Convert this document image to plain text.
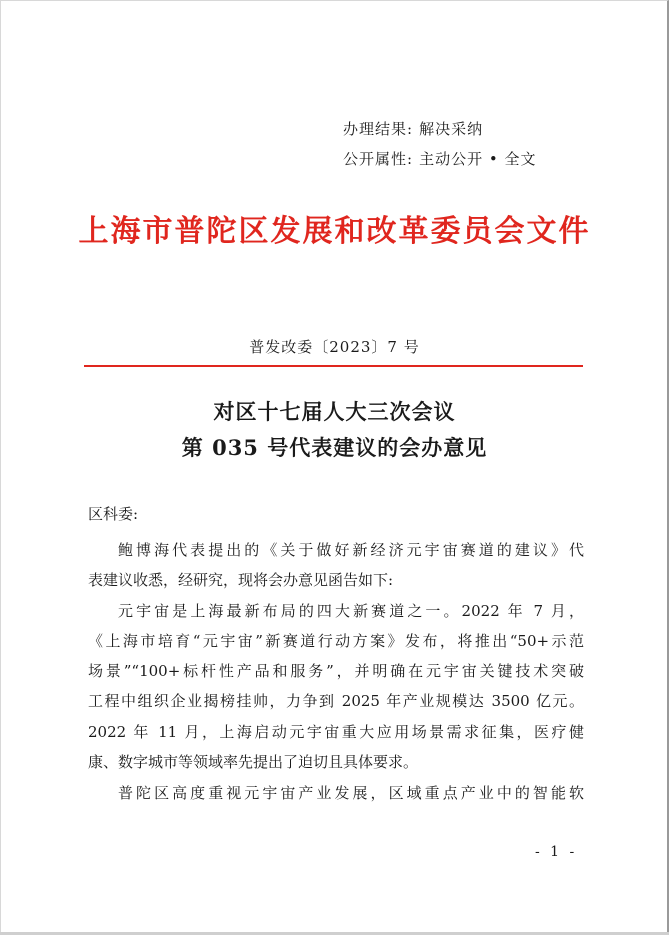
办理结果: 解决采纳
公开属性: 主动公开 • 全文
上海市普陀区发展和改革委员会文件
普发改委〔2023〕7 号
对区十七届人大三次会议
第 035 号代表建议的会办意见
区科委:
鲍博海代表提出的《关于做好新经济元宇宙赛道的建议》代
表建议收悉，经研究，现将会办意见函告如下:
元宇宙是上海最新布局的四大新赛道之一。2022 年 7 月，
《上海市培育“元宇宙”新赛道行动方案》发布，将推出“50+示范
场景”“100+标杆性产品和服务”，并明确在元宇宙关键技术突破
工程中组织企业揭榜挂帅，力争到 2025 年产业规模达 3500 亿元。
2022 年 11 月，上海启动元宇宙重大应用场景需求征集，医疗健
康、数字城市等领域率先提出了迫切且具体要求。
普陀区高度重视元宇宙产业发展，区域重点产业中的智能软
- 1 -
